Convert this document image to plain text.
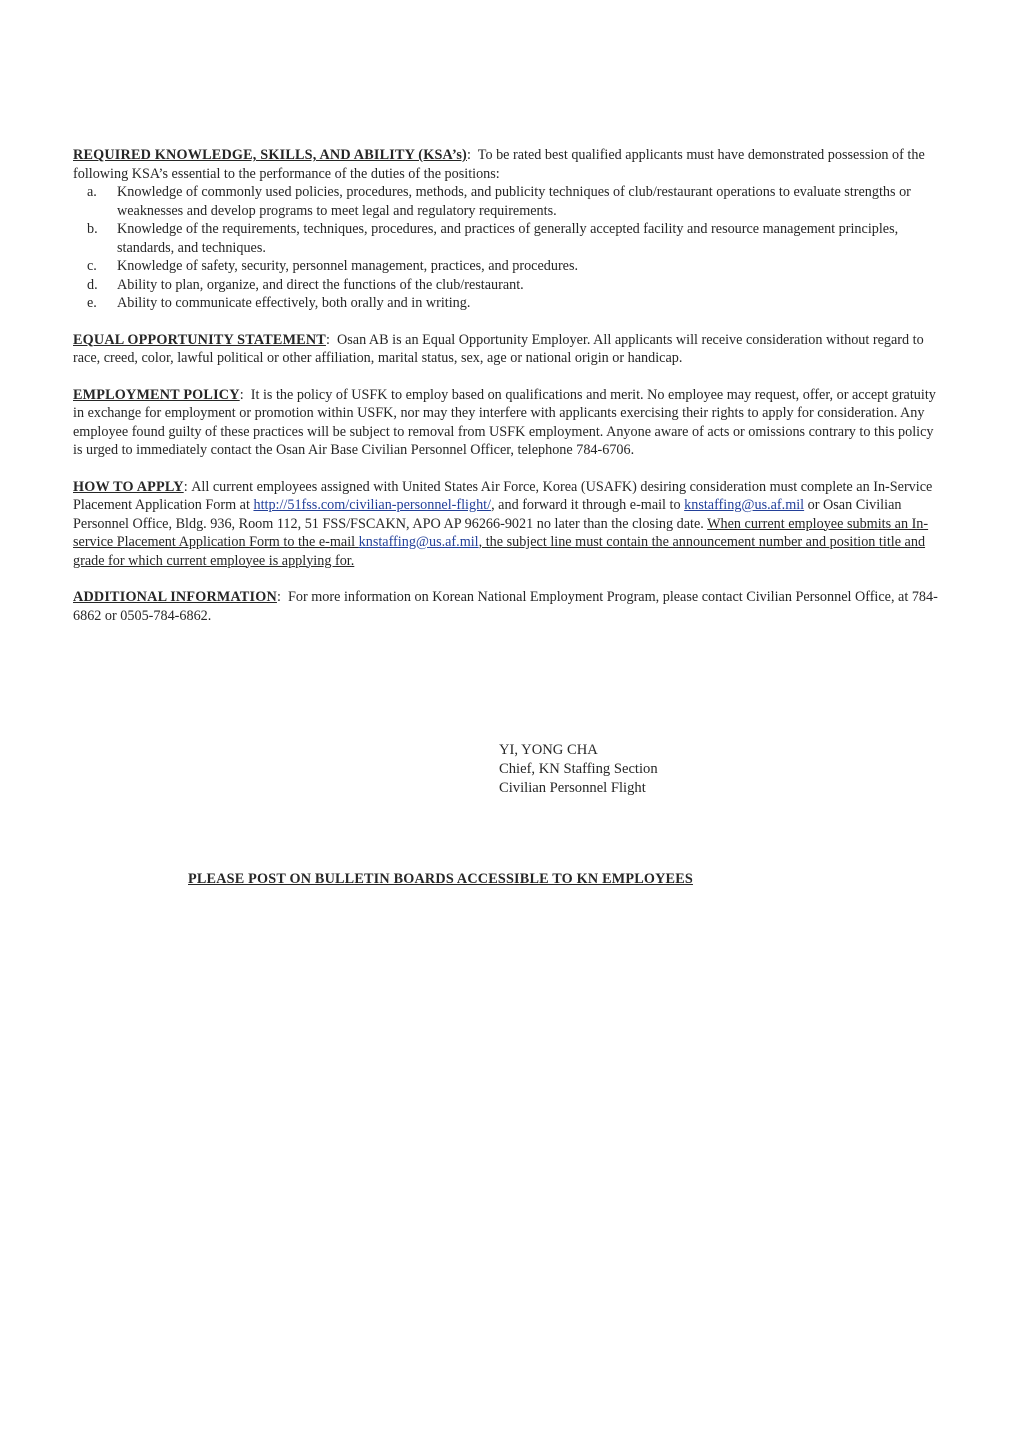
REQUIRED KNOWLEDGE, SKILLS, AND ABILITY (KSA’s):  To be rated best qualified applicants must have demonstrated possession of the following KSA’s essential to the performance of the duties of the positions:
a. Knowledge of commonly used policies, procedures, methods, and publicity techniques of club/restaurant operations to evaluate strengths or weaknesses and develop programs to meet legal and regulatory requirements.
b. Knowledge of the requirements, techniques, procedures, and practices of generally accepted facility and resource management principles, standards, and techniques.
c. Knowledge of safety, security, personnel management, practices, and procedures.
d. Ability to plan, organize, and direct the functions of the club/restaurant.
e. Ability to communicate effectively, both orally and in writing.
EQUAL OPPORTUNITY STATEMENT:  Osan AB is an Equal Opportunity Employer. All applicants will receive consideration without regard to race, creed, color, lawful political or other affiliation, marital status, sex, age or national origin or handicap.
EMPLOYMENT POLICY:  It is the policy of USFK to employ based on qualifications and merit. No employee may request, offer, or accept gratuity in exchange for employment or promotion within USFK, nor may they interfere with applicants exercising their rights to apply for consideration. Any employee found guilty of these practices will be subject to removal from USFK employment. Anyone aware of acts or omissions contrary to this policy is urged to immediately contact the Osan Air Base Civilian Personnel Officer, telephone 784-6706.
HOW TO APPLY: All current employees assigned with United States Air Force, Korea (USAFK) desiring consideration must complete an In-Service Placement Application Form at http://51fss.com/civilian-personnel-flight/, and forward it through e-mail to knstaffing@us.af.mil or Osan Civilian Personnel Office, Bldg. 936, Room 112, 51 FSS/FSCAKN, APO AP 96266-9021 no later than the closing date. When current employee submits an In-service Placement Application Form to the e-mail knstaffing@us.af.mil, the subject line must contain the announcement number and position title and grade for which current employee is applying for.
ADDITIONAL INFORMATION:  For more information on Korean National Employment Program, please contact Civilian Personnel Office, at 784-6862 or 0505-784-6862.
YI, YONG CHA
Chief, KN Staffing Section
Civilian Personnel Flight
PLEASE POST ON BULLETIN BOARDS ACCESSIBLE TO KN EMPLOYEES
